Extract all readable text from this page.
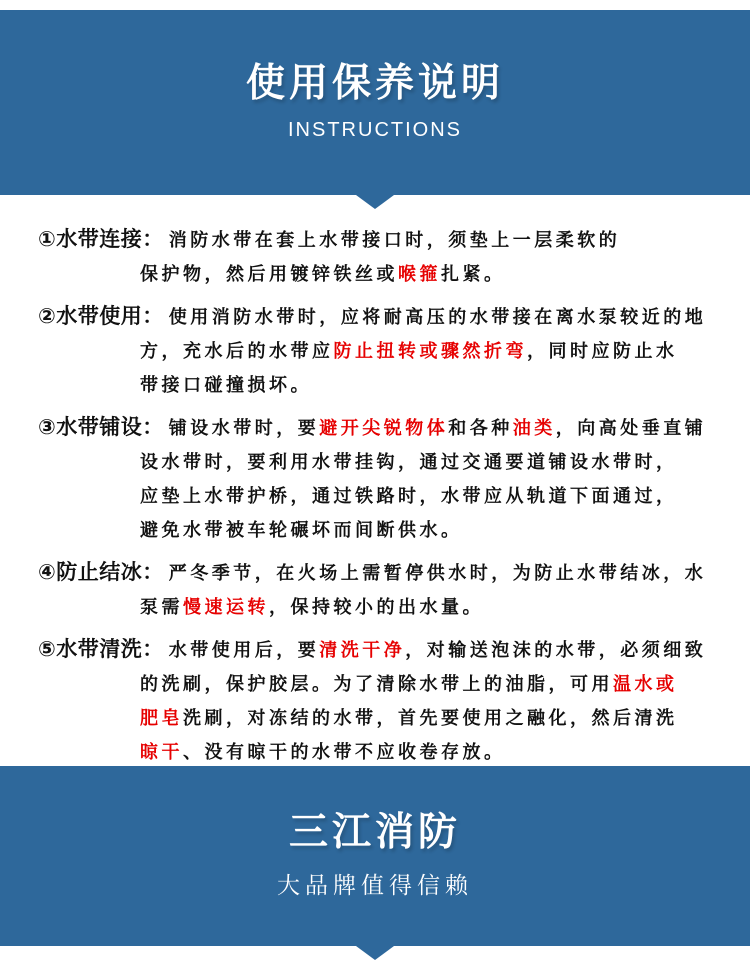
使用保养说明
INSTRUCTIONS
①水带连接： 消防水带在套上水带接口时，须垫上一层柔软的
保护物，然后用镀锌铁丝或喉箍扎紧。
②水带使用： 使用消防水带时，应将耐高压的水带接在离水泵较近的地
方，充水后的水带应防止扭转或骤然折弯，同时应防止水
带接口碰撞损坏。
③水带铺设： 铺设水带时，要避开尖锐物体和各种油类，向高处垂直铺
设水带时，要利用水带挂钩，通过交通要道铺设水带时，
应垫上水带护桥，通过铁路时，水带应从轨道下面通过，
避免水带被车轮碾坏而间断供水。
④防止结冰： 严冬季节，在火场上需暂停供水时，为防止水带结冰，水
泵需慢速运转，保持较小的出水量。
⑤水带清洗： 水带使用后，要清洗干净，对输送泡沫的水带，必须细致
的洗刷，保护胶层。为了清除水带上的油脂，可用温水或
肥皂洗刷，对冻结的水带，首先要使用之融化，然后清洗
晾干、没有晾干的水带不应收卷存放。
三江消防
大品牌值得信赖
